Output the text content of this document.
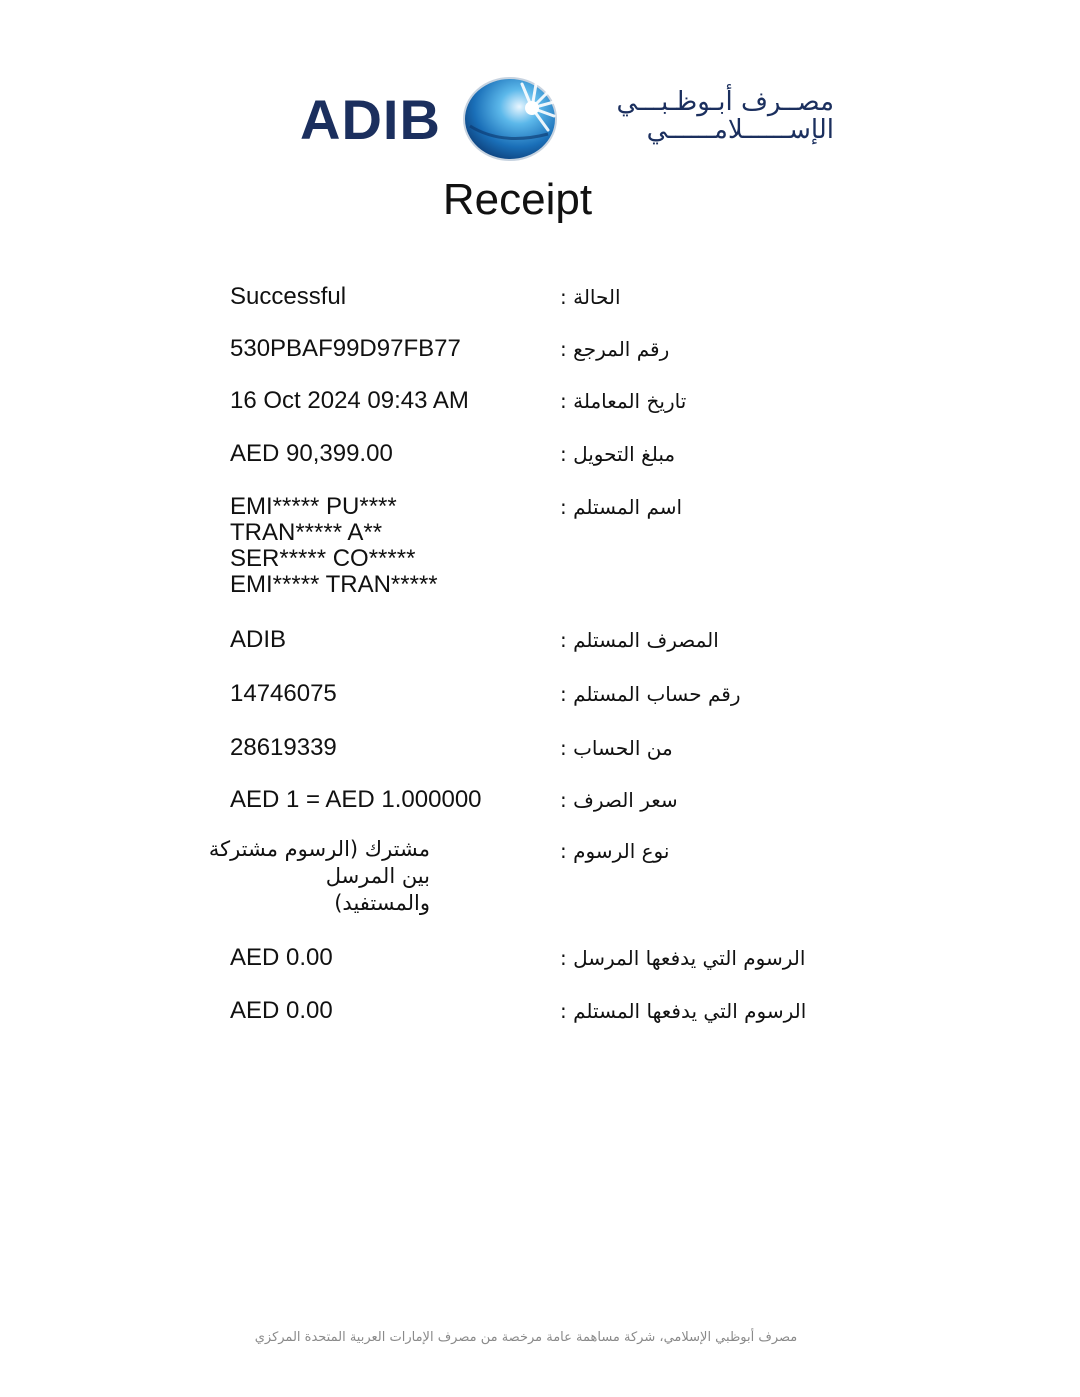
ADIB	مصــرف أبـوظـبـــي
الإســــــلامــــــي
Receipt
Successful	الحالة :
530PBAF99D97FB77	رقم المرجع :
16 Oct 2024 09:43 AM	تاريخ المعاملة :
AED 90,399.00	مبلغ التحويل :
EMI***** PU****
TRAN***** A**
SER***** CO*****
EMI***** TRAN*****
اسم المستلم :
ADIB	المصرف المستلم :
14746075	رقم حساب المستلم :
28619339	من الحساب :
AED 1 = AED 1.000000	سعر الصرف :
مشترك (الرسوم مشتركة
بين المرسل
والمستفيد)
نوع الرسوم :
AED 0.00	الرسوم التي يدفعها المرسل :
AED 0.00	الرسوم التي يدفعها المستلم :
مصرف أبوظبي الإسلامي، شركة مساهمة عامة مرخصة من مصرف الإمارات العربية المتحدة المركزي
